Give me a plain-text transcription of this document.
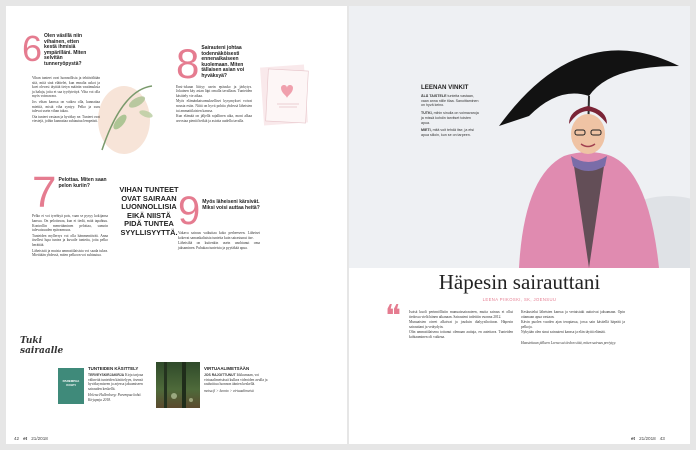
6 Olen väsillä niin vihainen, etten kestä ihmisiä ympärilläni. Miten selvitän tunneryöpystä?

Vihan tunteet ovat luonnollisia ja tehtävältään sitä, mitä sinä elättelet, kun ennalta uskot ja koet olevasi täyttää tietyn määrän vaatimuksia ja haluja, joita et saa tyydytettyä. Viha voi olla myös voimavara.

Jos vihan kanssa on vaikea olla, kannattaa miettiä, mistä viha syntyy. Pelko ja suru tulevat usein vihan takaa.

Ota tunteet vastaan ja hyväksy ne. Tunteet ovat viestejä, joihin kannattaa suhtautua lempeästi.

7 Pelottaa. Miten saan pelon kuriin?

Pelko ei voi tyrehtyä pois, vaan se pysyy kokijansa kanssa. On pelottavaa, kun ei tiedä, mitä tapahtuu. Kontrollin menettäminen pelottaa, samoin tulevaisuuden epävarmuus.

Tunteiden myllerrys voi olla hämmentävää. Anna itsellesi lupa tuntea ja kuvaile tunteita, joita pelko herättää.

Läheisistä ja muista ammattilaisista voi saada tukea. Mietitään yhdessä, miten pelkoon voi suhtautua.

VIHAN TUNTEET OVAT SAIRAAN LUONNOLLISIA EIKÄ NIISTÄ PIDÄ TUNTEA SYYLLISYYTTÄ.
8 Sairauteni johtaa todennäköisesti ennenaikaiseen kuolemaan. Miten tällaisen asian voi hyväksyä?

Ensi-iskuun liittyy usein epäusko ja järkytys. Jokainen käy asian läpi omalla tavallaan. Tunteiden käsittely vie aikaa.

Myös elämänkatsomukselliset kysymykset voivat nousta esiin. Niitä on hyvä pohtia yhdessä läheisten tai ammattilaisten kanssa.

Kun elämää on jäljellä rajallinen aika, moni alkaa arvostaa pieniä hetkiä ja asioita uudella tavalla.

9 Myös läheiseni kärsivät. Miksi voisi auttaa heitä?

Vakava sairaus vaikuttaa koko perheeseen. Läheiset kokevat samankaltaisia tunteita kuin sairastunut itse.

Läheisiltä on kuitenkin usein unohtunut oma jaksaminen. Puhukaa tunteista ja pyytäkää apua.

Tuki sairaalle
PAREMPAA KOHTI
TUNTEIDEN KÄSITTELY
TERVEYSKIRJAKIRJA Kirja tarjoaa välineitä tunteiden käsittelyyn, itsensä hyväksymiseen ja arjessa jaksamiseen sairauden keskellä.
Helena Hallenberg: Parempaa kohti. Kirjapaja 2018.
VIRTUAALIMETSÄÄN
JOS RAJOITTUNUT liikkumaan, voi virtuaalimetsässä kulkea videoiden avulla ja rauhoittua luonnon äänien keskellä.
metsa.fi > luonto > virtuaalimetsä
42 et 21/2018
LEENAN VINKIT
ÄLÄ TAISTELE tunteita vastaan, vaan anna niille tilaa. Sanoittaminen on hyvä keino.
TUTKI, mihin sinulla on voimavaroja ja missä kohdin tarvitset toisten apua.
MIETI, mitä voit tehdä itse, ja etsi apua silloin, kun se on tarpeen.
Häpesin sairauttani
LEENA PIIKOSKI, SK, JOENSUU
❝ Isoisä kuoli perinnöllisiin munuaissairauteen, mutta sairaus ei ollut tiedossa vielä hänen aikanaan. Sairauteni todettiin vuonna 2012.

Munuaisten oireet alkoivat ja jouduin dialyysihoitoon. Häpesin sairauttani ja vetäydyin.

Olin ammattilaisena tottunut olemaan auttaja, en autettava. Tunteiden kohtaaminen oli vaikeaa.

Keskustelut läheisten kanssa ja vertaistuki auttoivat jaksamaan. Opin ottamaan apua vastaan.

Kävin puolen vuoden ajan terapiassa, jossa sain käsitellä häpeää ja pelkoja.

Nykyään olen sinut sairauteni kanssa ja elän täyttä elämää.

Haasteitaan jälkeen Leena sai tiedon siitä, miten sairaus periytyy.

et 21/2018 43
